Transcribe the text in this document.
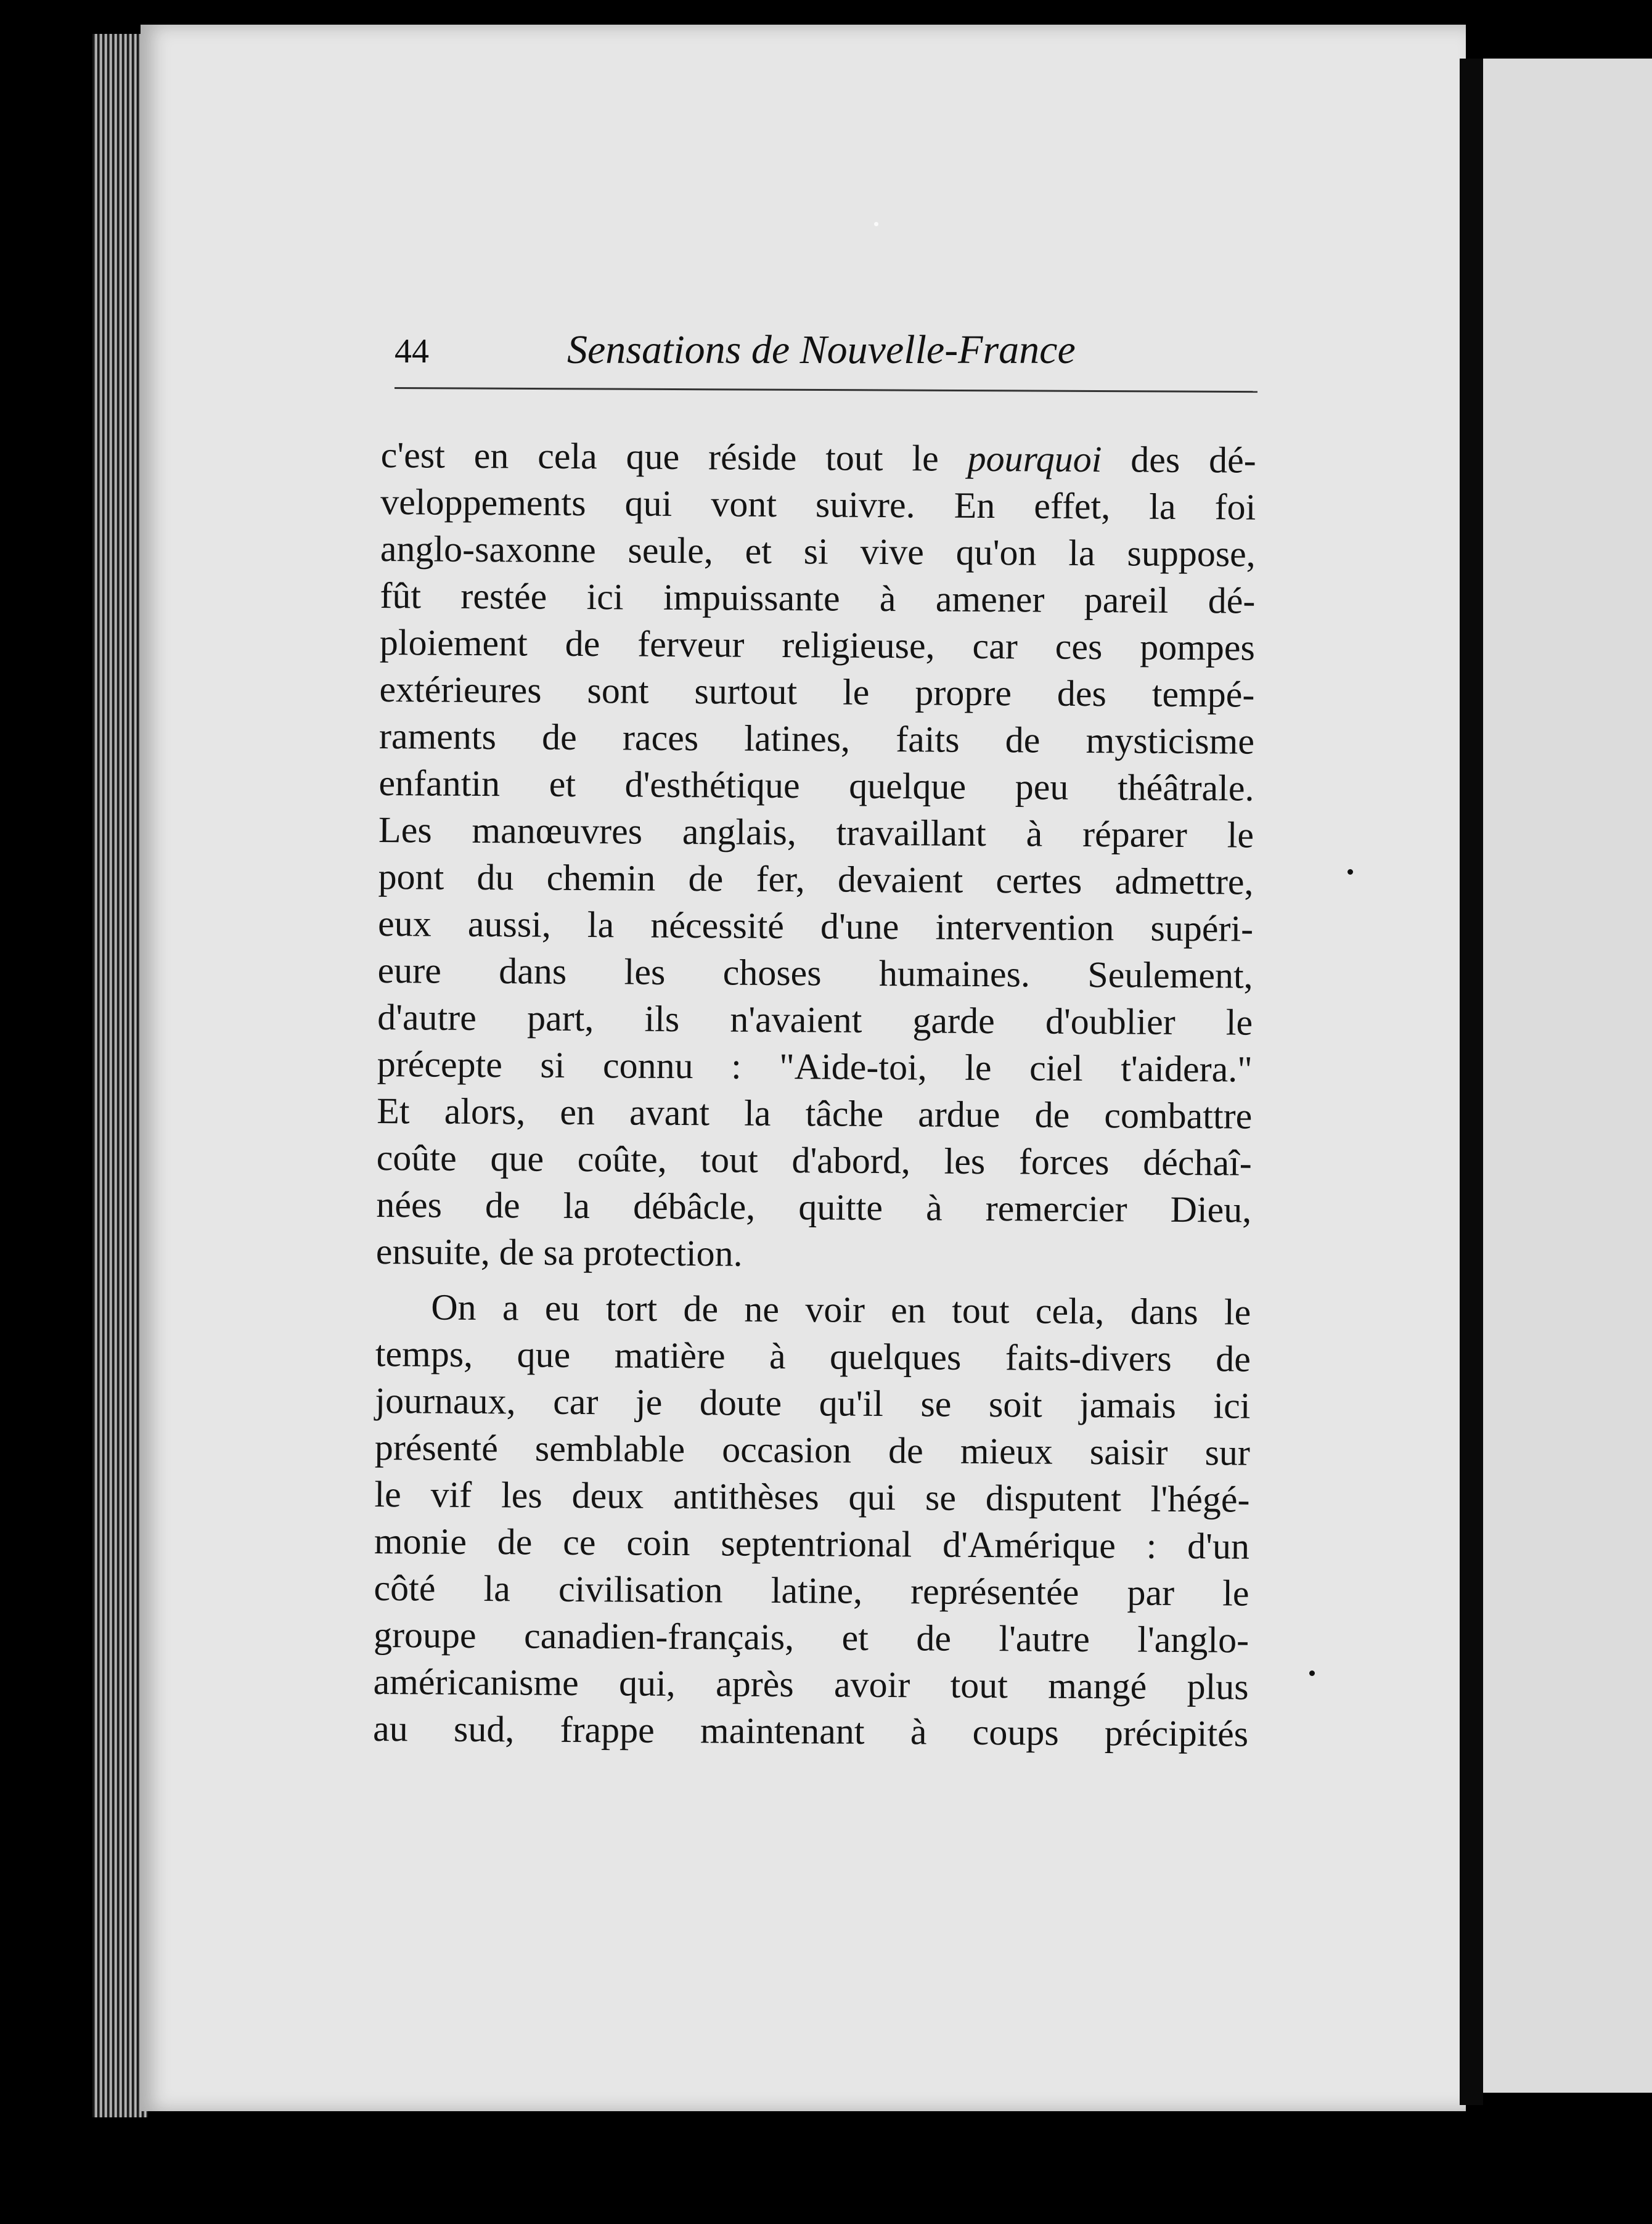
44	Sensations de Nouvelle-France
c'est en cela que réside tout le pourquoi des dé-
veloppements qui vont suivre. En effet, la foi
anglo-saxonne seule, et si vive qu'on la suppose,
fût restée ici impuissante à amener pareil dé-
ploiement de ferveur religieuse, car ces pompes
extérieures sont surtout le propre des tempé-
raments de races latines, faits de mysticisme
enfantin et d'esthétique quelque peu théâtrale.
Les manœuvres anglais, travaillant à réparer le
pont du chemin de fer, devaient certes admettre,
eux aussi, la nécessité d'une intervention supéri-
eure dans les choses humaines. Seulement,
d'autre part, ils n'avaient garde d'oublier le
précepte si connu : "Aide-toi, le ciel t'aidera."
Et alors, en avant la tâche ardue de combattre
coûte que coûte, tout d'abord, les forces déchaî-
nées de la débâcle, quitte à remercier Dieu,
ensuite, de sa protection.
On a eu tort de ne voir en tout cela, dans le
temps, que matière à quelques faits-divers de
journaux, car je doute qu'il se soit jamais ici
présenté semblable occasion de mieux saisir sur
le vif les deux antithèses qui se disputent l'hégé-
monie de ce coin septentrional d'Amérique : d'un
côté la civilisation latine, représentée par le
groupe canadien-français, et de l'autre l'anglo-
américanisme qui, après avoir tout mangé plus
au sud, frappe maintenant à coups précipités
